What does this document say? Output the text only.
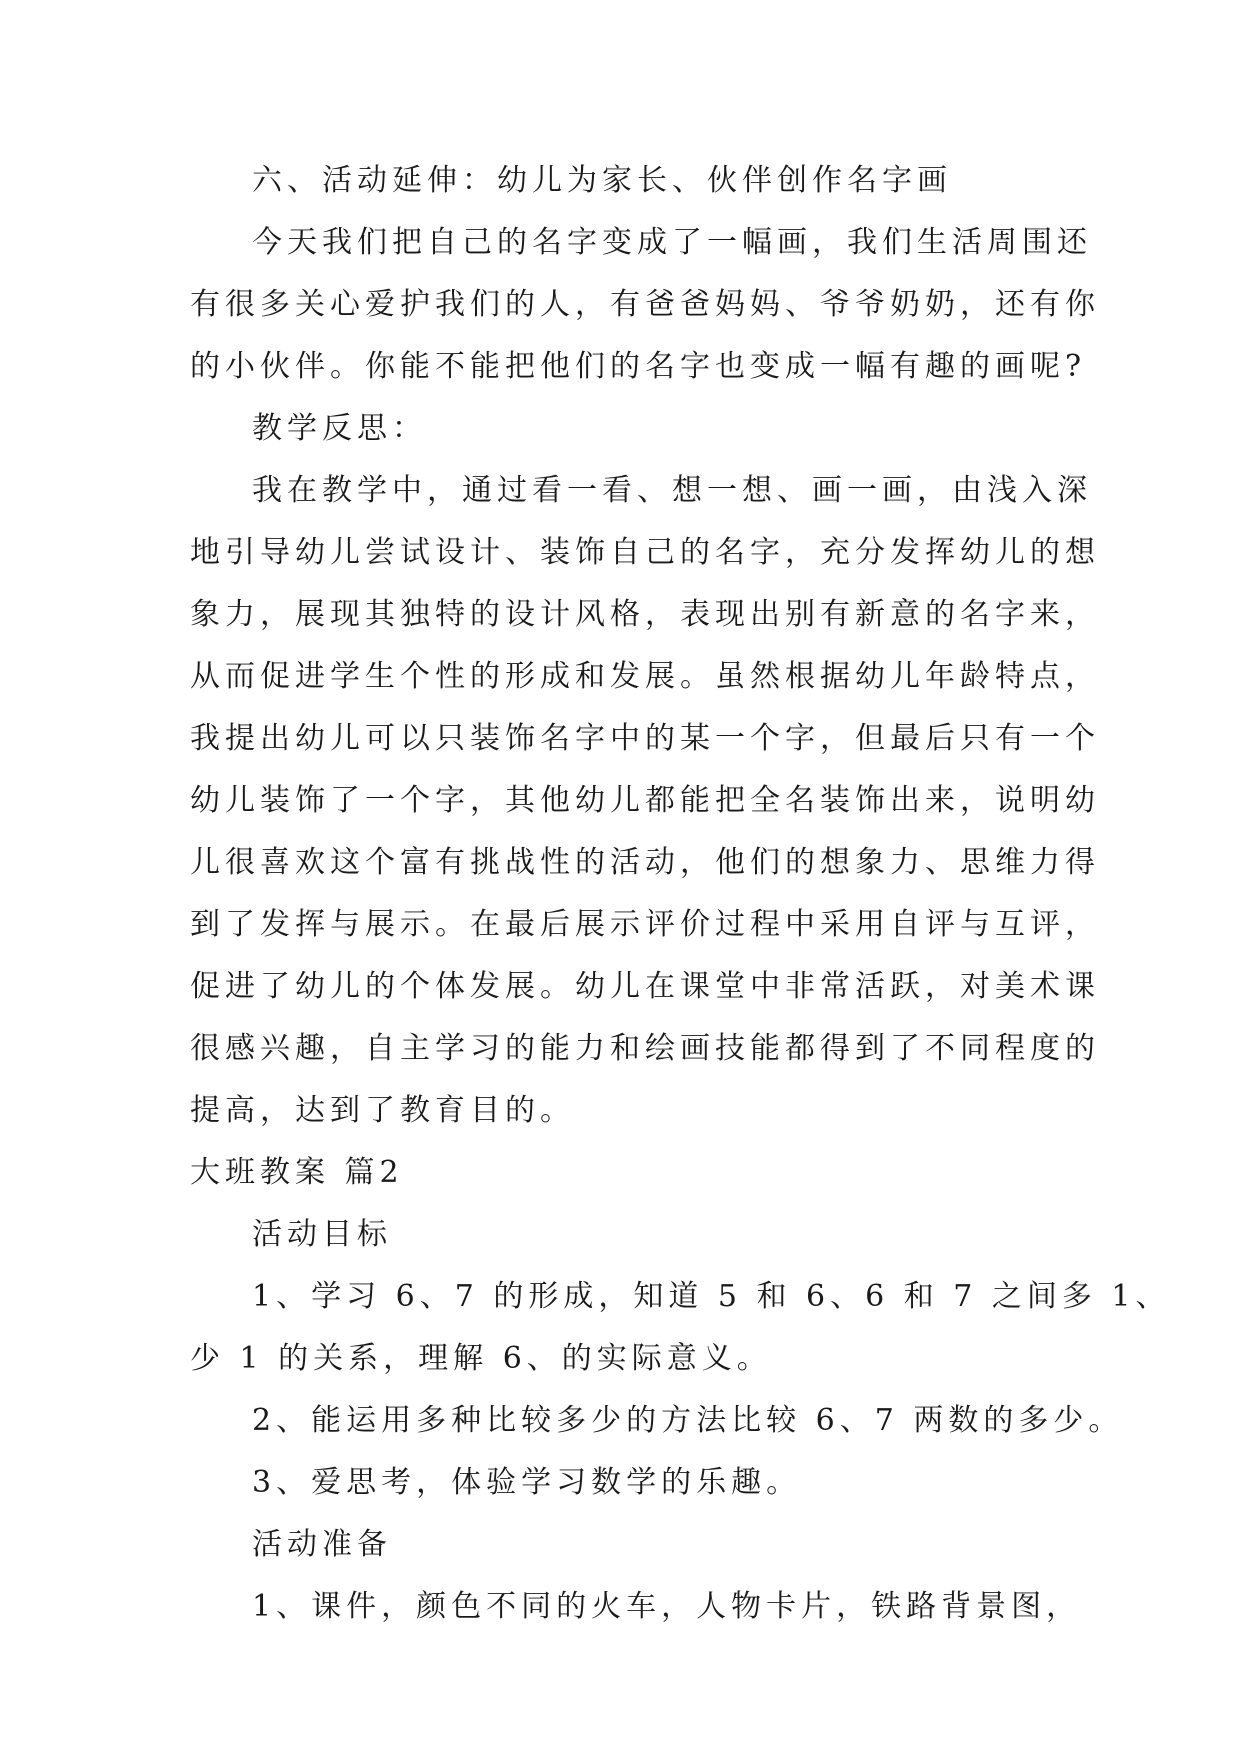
六、活动延伸：幼儿为家长、伙伴创作名字画
今天我们把自己的名字变成了一幅画，我们生活周围还
有很多关心爱护我们的人，有爸爸妈妈、爷爷奶奶，还有你
的小伙伴。你能不能把他们的名字也变成一幅有趣的画呢?
教学反思：
我在教学中，通过看一看、想一想、画一画，由浅入深
地引导幼儿尝试设计、装饰自己的名字，充分发挥幼儿的想
象力，展现其独特的设计风格，表现出别有新意的名字来，
从而促进学生个性的形成和发展。虽然根据幼儿年龄特点，
我提出幼儿可以只装饰名字中的某一个字，但最后只有一个
幼儿装饰了一个字，其他幼儿都能把全名装饰出来，说明幼
儿很喜欢这个富有挑战性的活动，他们的想象力、思维力得
到了发挥与展示。在最后展示评价过程中采用自评与互评，
促进了幼儿的个体发展。幼儿在课堂中非常活跃，对美术课
很感兴趣，自主学习的能力和绘画技能都得到了不同程度的
提高，达到了教育目的。
大班教案 篇2
活动目标
1、学习 6、7 的形成，知道 5 和 6、6 和 7 之间多 1、
少 1 的关系，理解 6、的实际意义。
2、能运用多种比较多少的方法比较 6、7 两数的多少。
3、爱思考，体验学习数学的乐趣。
活动准备
1、课件，颜色不同的火车，人物卡片，铁路背景图，
